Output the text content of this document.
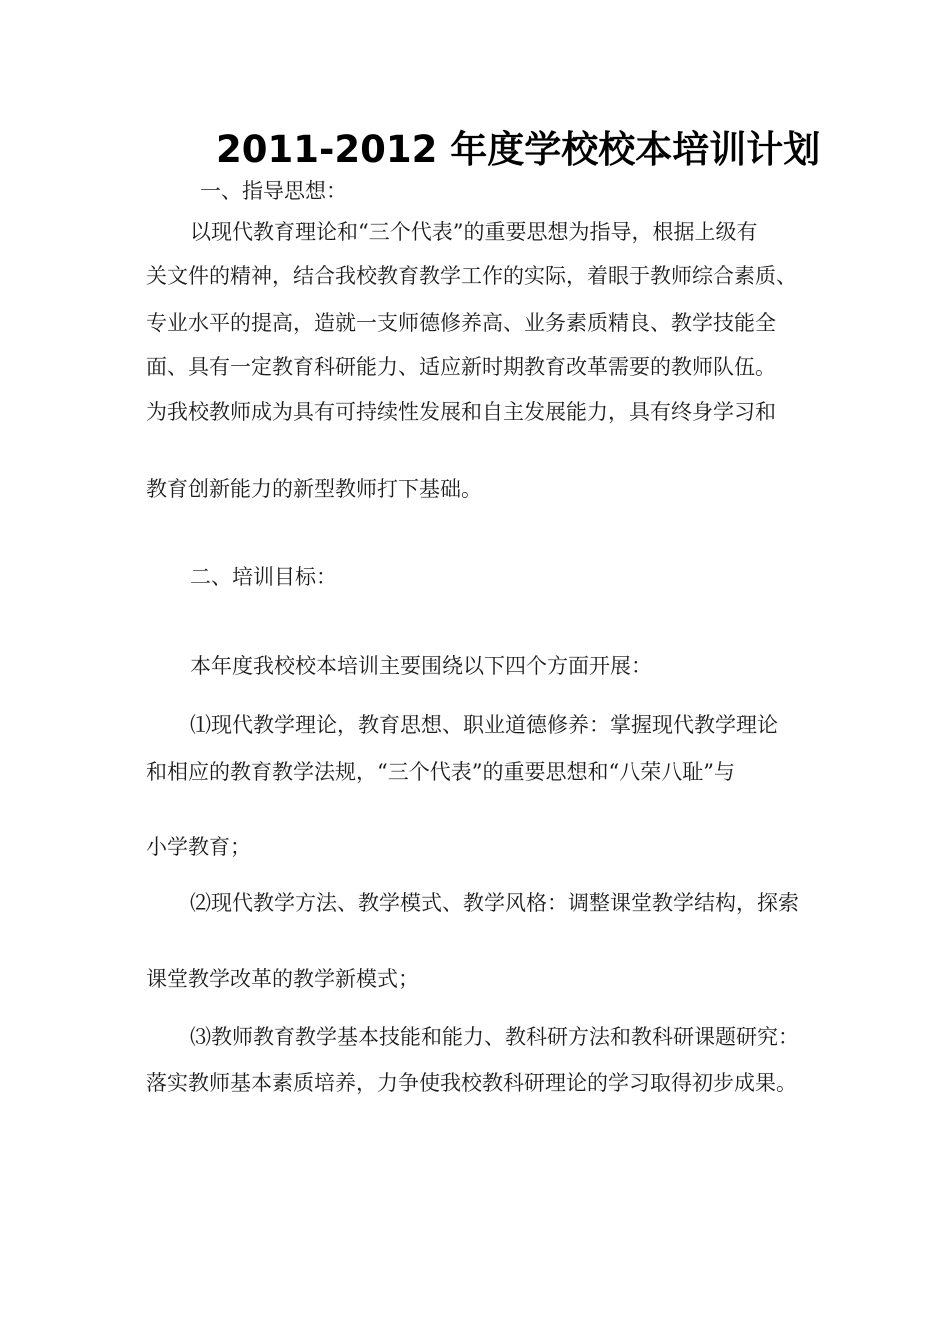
2011-2012 年度学校校本培训计划
一、指导思想：
以现代教育理论和“三个代表”的重要思想为指导，根据上级有
关文件的精神，结合我校教育教学工作的实际，着眼于教师综合素质、
专业水平的提高，造就一支师德修养高、业务素质精良、教学技能全
面、具有一定教育科研能力、适应新时期教育改革需要的教师队伍。
为我校教师成为具有可持续性发展和自主发展能力，具有终身学习和
教育创新能力的新型教师打下基础。
二、培训目标：
本年度我校校本培训主要围绕以下四个方面开展：
⑴现代教学理论，教育思想、职业道德修养：掌握现代教学理论
和相应的教育教学法规，“三个代表”的重要思想和“八荣八耻”与
小学教育；
⑵现代教学方法、教学模式、教学风格：调整课堂教学结构，探索
课堂教学改革的教学新模式；
⑶教师教育教学基本技能和能力、教科研方法和教科研课题研究：
落实教师基本素质培养，力争使我校教科研理论的学习取得初步成果。
